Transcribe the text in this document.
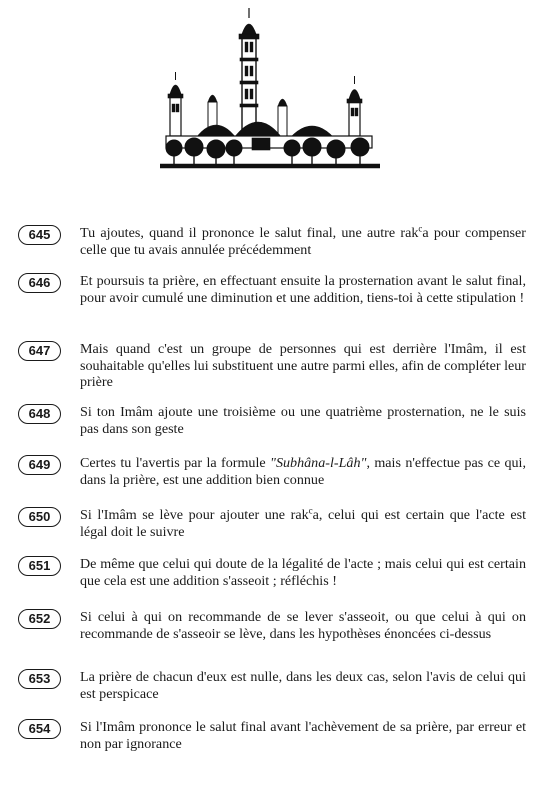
645	Tu ajoutes, quand il prononce le salut final, une autre rak$^c$a pour compenser celle que tu avais annulée précédemment

646	Et poursuis ta prière, en effectuant ensuite la prosternation avant le salut final, pour avoir cumulé une diminution et une addition, tiens-toi à cette stipulation !

647	Mais quand c'est un groupe de personnes qui est derrière l'Imâm, il est souhaitable qu'elles lui substituent une autre parmi elles, afin de compléter leur prière

648	Si ton Imâm ajoute une troisième ou une quatrième prosternation, ne le suis pas dans son geste

649	Certes tu l'avertis par la formule "Subhâna-l-Lâh", mais n'effectue pas ce qui, dans la prière, est une addition bien connue

650	Si l'Imâm se lève pour ajouter une rak$^c$a, celui qui est certain que l'acte est légal doit le suivre

651	De même que celui qui doute de la légalité de l'acte ; mais celui qui est certain que cela est une addition s'asseoit ; réfléchis !

652	Si celui à qui on recommande de se lever s'asseoit, ou que celui à qui on recommande de s'asseoir se lève, dans les hypothèses énoncées ci-dessus

653	La prière de chacun d'eux est nulle, dans les deux cas, selon l'avis de celui qui est perspicace

654	Si l'Imâm prononce le salut final avant l'achèvement de sa prière, par erreur et non par ignorance
